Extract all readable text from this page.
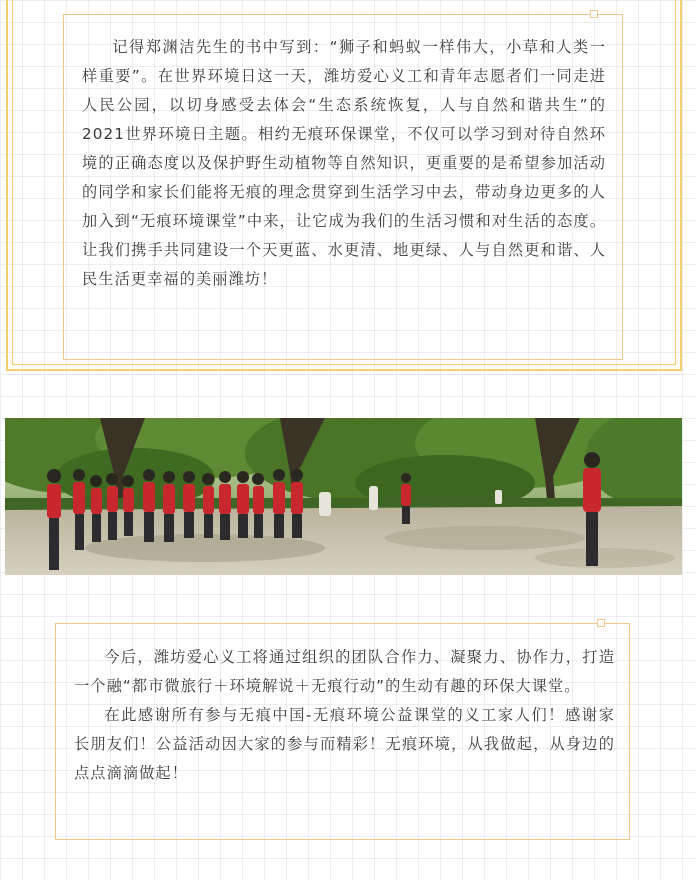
记得郑渊洁先生的书中写到：“狮子和蚂蚁一样伟大，小草和人类一样重要”。在世界环境日这一天，潍坊爱心义工和青年志愿者们一同走进人民公园，以切身感受去体会“生态系统恢复，人与自然和谐共生”的2021世界环境日主题。相约无痕环保课堂，不仅可以学习到对待自然环境的正确态度以及保护野生动植物等自然知识，更重要的是希望参加活动的同学和家长们能将无痕的理念贯穿到生活学习中去，带动身边更多的人加入到“无痕环境课堂”中来，让它成为我们的生活习惯和对生活的态度。让我们携手共同建设一个天更蓝、水更清、地更绿、人与自然更和谐、人民生活更幸福的美丽潍坊！

今后，潍坊爱心义工将通过组织的团队合作力、凝聚力、协作力，打造一个融“都市微旅行＋环境解说＋无痕行动”的生动有趣的环保大课堂。

在此感谢所有参与无痕中国-无痕环境公益课堂的义工家人们！感谢家长朋友们！公益活动因大家的参与而精彩！无痕环境，从我做起，从身边的点点滴滴做起！
